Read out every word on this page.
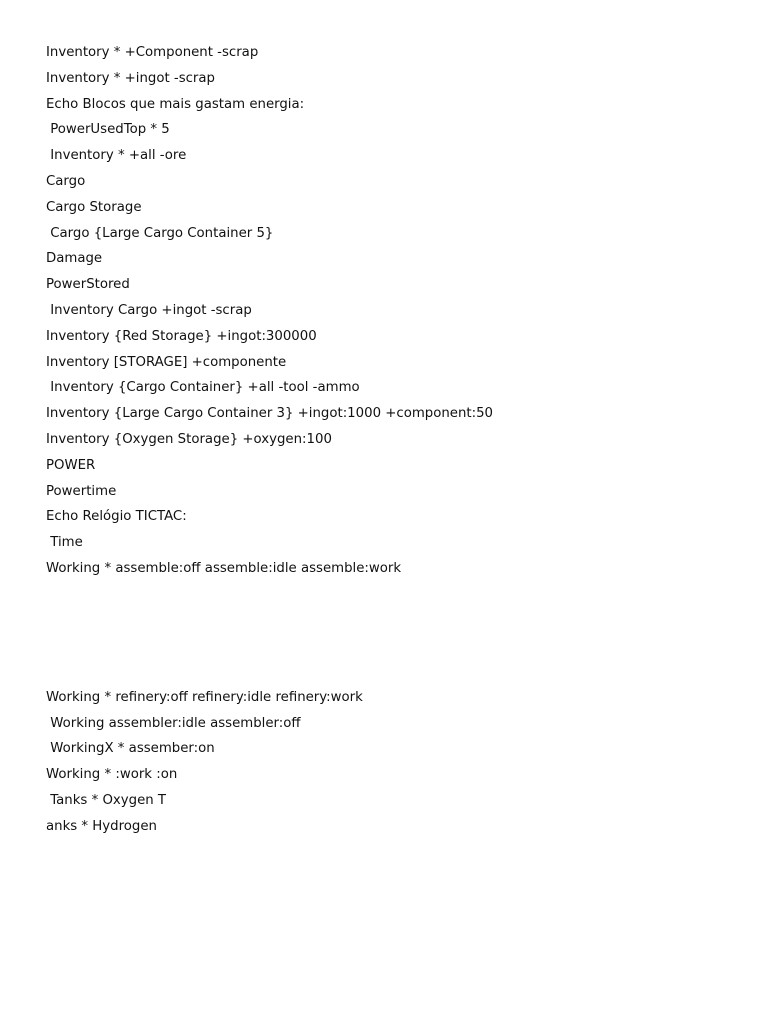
Inventory * +Component -scrap
Inventory * +ingot -scrap
Echo Blocos que mais gastam energia:
PowerUsedTop * 5
Inventory * +all -ore
Cargo
Cargo Storage
Cargo {Large Cargo Container 5}
Damage
PowerStored
Inventory Cargo +ingot -scrap
Inventory {Red Storage} +ingot:300000
Inventory [STORAGE] +componente
Inventory {Cargo Container} +all -tool -ammo
Inventory {Large Cargo Container 3} +ingot:1000 +component:50
Inventory {Oxygen Storage} +oxygen:100
POWER
Powertime
Echo Relógio TICTAC:
Time
Working * assemble:off assemble:idle assemble:work
Working * refinery:off refinery:idle refinery:work
Working assembler:idle assembler:off
WorkingX * assember:on
Working * :work :on
Tanks * Oxygen T
anks * Hydrogen
